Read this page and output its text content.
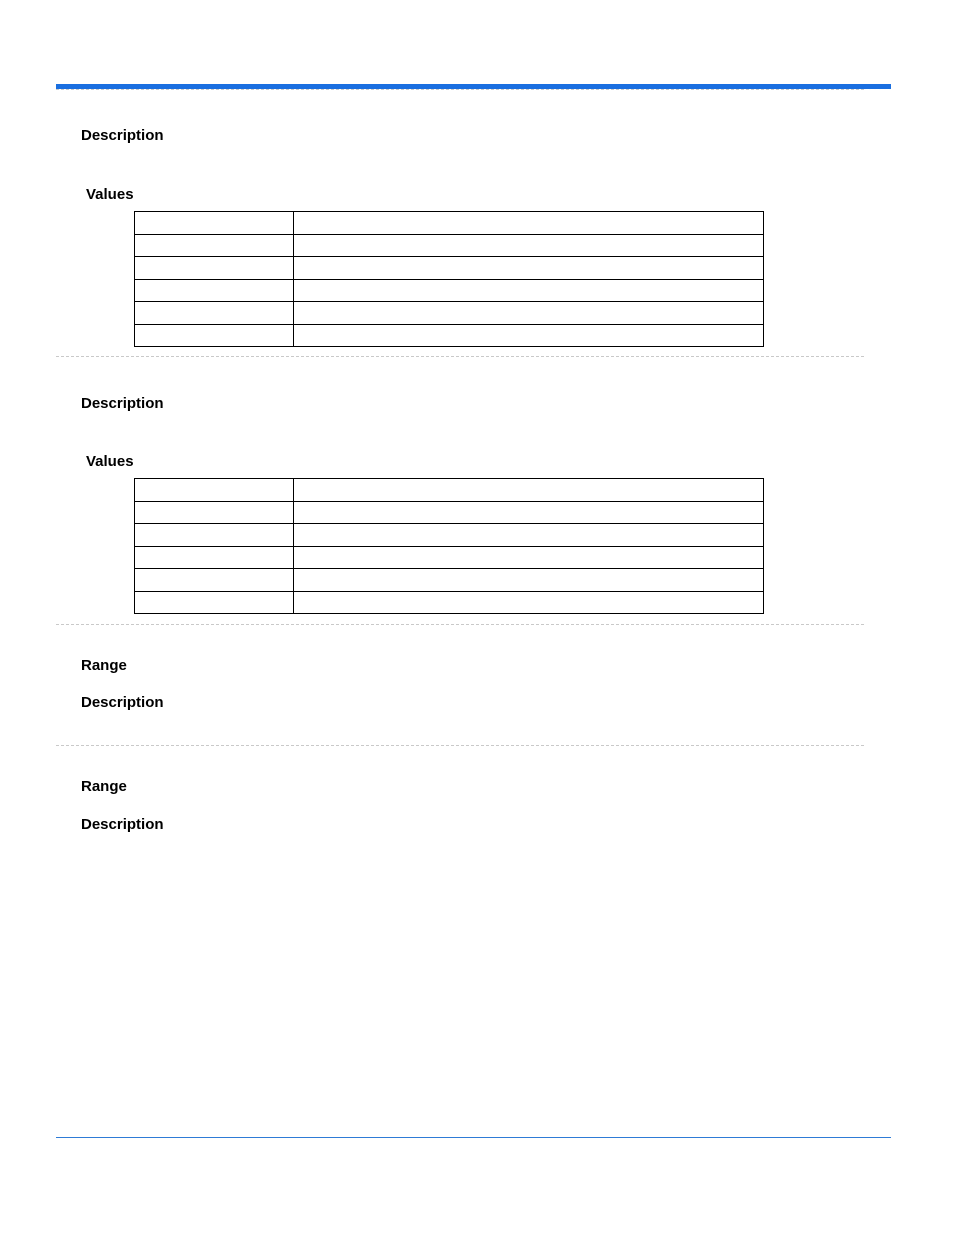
Description
Values

Description
Values

Range
Description
Range
Description
